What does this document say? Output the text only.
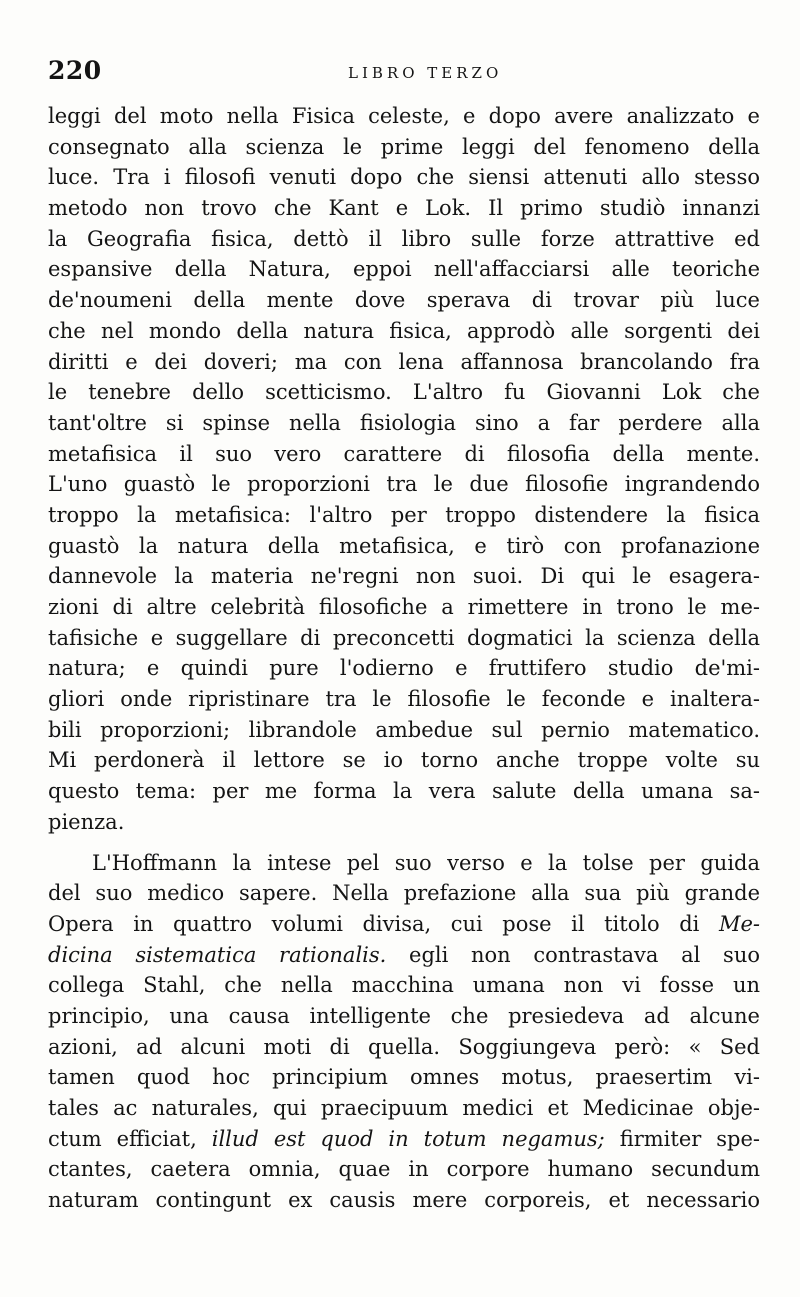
220	LIBRO TERZO
leggi del moto nella Fisica celeste, e dopo avere analizzato e
consegnato alla scienza le prime leggi del fenomeno della
luce. Tra i filosofi venuti dopo che siensi attenuti allo stesso
metodo non trovo che Kant e Lok. Il primo studiò innanzi
la Geografia fisica, dettò il libro sulle forze attrattive ed
espansive della Natura, eppoi nell'affacciarsi alle teoriche
de'noumeni della mente dove sperava di trovar più luce
che nel mondo della natura fisica, approdò alle sorgenti dei
diritti e dei doveri; ma con lena affannosa brancolando fra
le tenebre dello scetticismo. L'altro fu Giovanni Lok che
tant'oltre si spinse nella fisiologia sino a far perdere alla
metafisica il suo vero carattere di filosofia della mente.
L'uno guastò le proporzioni tra le due filosofie ingrandendo
troppo la metafisica: l'altro per troppo distendere la fisica
guastò la natura della metafisica, e tirò con profanazione
dannevole la materia ne'regni non suoi. Di qui le esagera-
zioni di altre celebrità filosofiche a rimettere in trono le me-
tafisiche e suggellare di preconcetti dogmatici la scienza della
natura; e quindi pure l'odierno e fruttifero studio de'mi-
gliori onde ripristinare tra le filosofie le feconde e inaltera-
bili proporzioni; librandole ambedue sul pernio matematico.
Mi perdonerà il lettore se io torno anche troppe volte su
questo tema: per me forma la vera salute della umana sa-
pienza.
L'Hoffmann la intese pel suo verso e la tolse per guida
del suo medico sapere. Nella prefazione alla sua più grande
Opera in quattro volumi divisa, cui pose il titolo di Me-
dicina sistematica rationalis. egli non contrastava al suo
collega Stahl, che nella macchina umana non vi fosse un
principio, una causa intelligente che presiedeva ad alcune
azioni, ad alcuni moti di quella. Soggiungeva però: « Sed
tamen quod hoc principium omnes motus, praesertim vi-
tales ac naturales, qui praecipuum medici et Medicinae obje-
ctum efficiat, illud est quod in totum negamus; firmiter spe-
ctantes, caetera omnia, quae in corpore humano secundum
naturam contingunt ex causis mere corporeis, et necessario
